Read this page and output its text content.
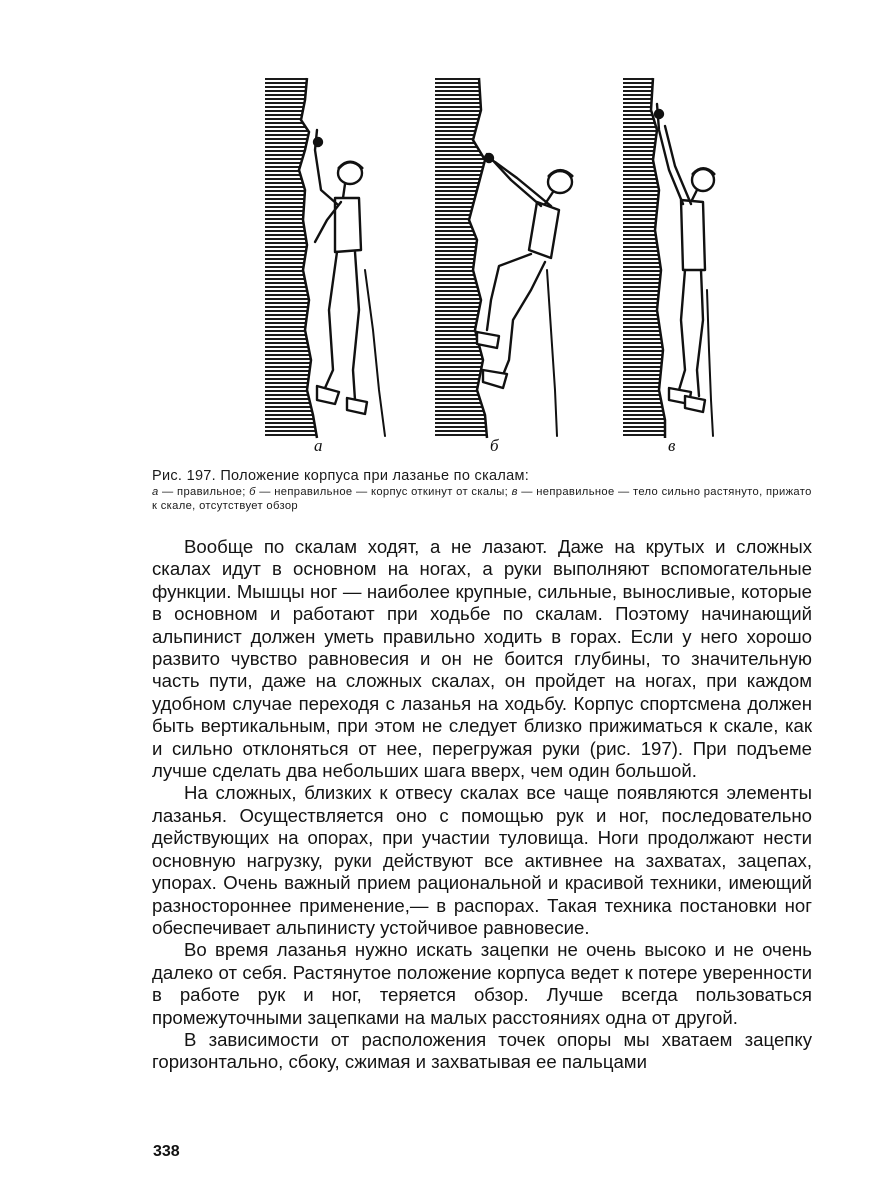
а	б	в
Рис. 197. Положение корпуса при лазанье по скалам:
а — правильное; б — неправильное — корпус откинут от скалы; в — неправильное — тело сильно растянуто, прижато к скале, отсутствует обзор

Вообще по скалам ходят, а не лазают. Даже на крутых и сложных скалах идут в основном на ногах, а руки выполняют вспомогательные функции. Мышцы ног — наиболее крупные, сильные, выносливые, которые в основном и работают при ходьбе по скалам. Поэтому начинающий альпинист должен уметь правильно ходить в горах. Если у него хорошо развито чувство равновесия и он не боится глубины, то значительную часть пути, даже на сложных скалах, он пройдет на ногах, при каждом удобном случае переходя с лазанья на ходьбу. Корпус спортсмена должен быть вертикальным, при этом не следует близко прижиматься к скале, как и сильно отклоняться от нее, перегружая руки (рис. 197). При подъеме лучше сделать два небольших шага вверх, чем один большой.

На сложных, близких к отвесу скалах все чаще появляются элементы лазанья. Осуществляется оно с помощью рук и ног, последовательно действующих на опорах, при участии туловища. Ноги продолжают нести основную нагрузку, руки действуют все активнее на захватах, зацепах, упорах. Очень важный прием рациональной и красивой техники, имеющий разностороннее применение,— в распорах. Такая техника постановки ног обеспечивает альпинисту устойчивое равновесие.

Во время лазанья нужно искать зацепки не очень высоко и не очень далеко от себя. Растянутое положение корпуса ведет к потере уверенности в работе рук и ног, теряется обзор. Лучше всегда пользоваться промежуточными зацепками на малых расстояниях одна от другой.

В зависимости от расположения точек опоры мы хватаем зацепку горизонтально, сбоку, сжимая и захватывая ее пальцами

338
